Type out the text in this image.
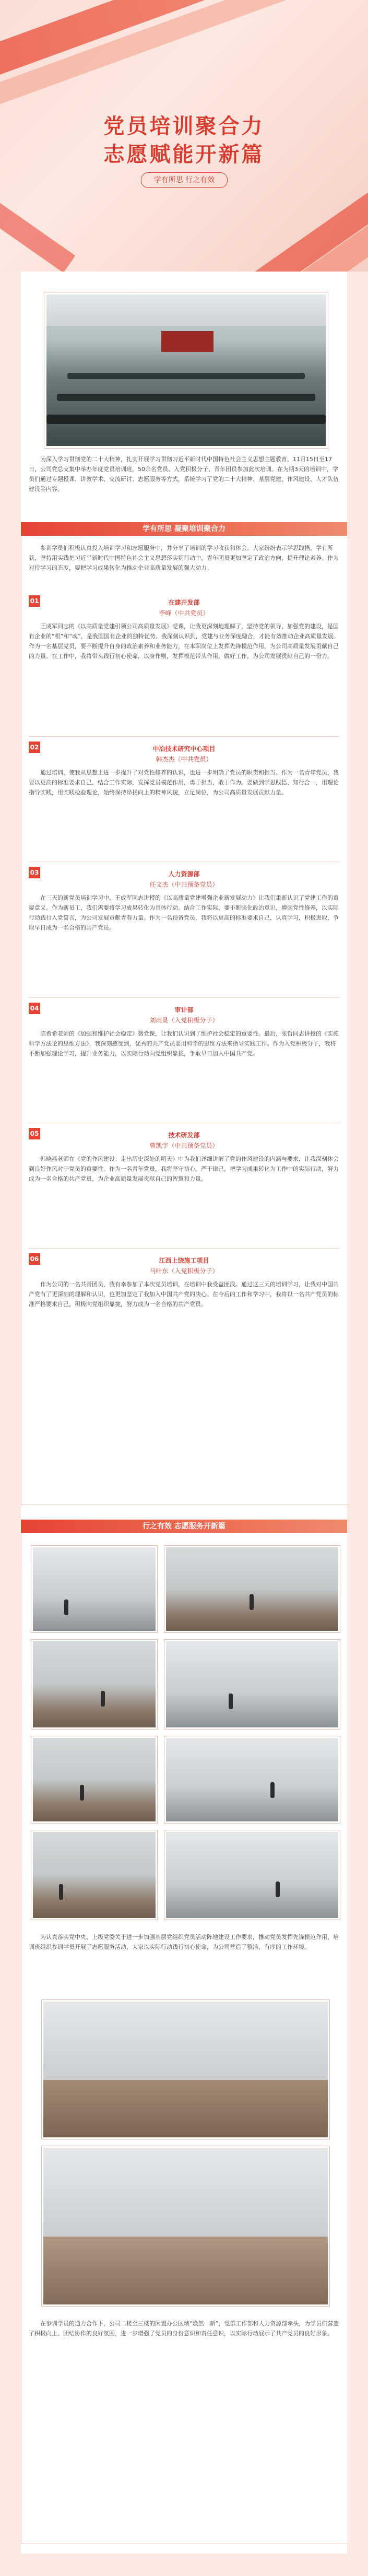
党员培训聚合力
志愿赋能开新篇
学有所思 行之有效
为深入学习贯彻党的二十大精神，扎实开展学习贯彻习近平新时代中国特色社会主义思想主题教育，11月15日至17日，公司党总支集中举办年度党员培训班，50余名党员、入党积极分子、青年团员参加此次培训。在为期3天的培训中，学员们通过专题授课、讲教学术、交流研讨、志愿服务等方式，系统学习了党的二十大精神、基层党建、作风建设、人才队伍建设等内容。
学有所思 凝聚培训聚合力
参训学员们积极认真投入培训学习和志愿服务中，并分享了培训的学习收获和体会。大家纷纷表示学思践悟，学有所获，坚持用实践把习近平新时代中国特色社会主义思想落实到行动中，青年团员更加坚定了政治方向，提升理论素养。作为对待学习的态度，要把学习成果转化为推动企业高质量发展的强大动力。
01	在建开发部
李峰（中共党员）
王成军同志的《以高质量党建引领公司高质量发展》党课，让我更深刻地理解了，坚持党的领导、加强党的建设，是国有企业的“根”和“魂”，是我国国有企业的独特优势。我深刻认识到，党建与业务深度融合，才能有效推动企业高质量发展。作为一名基层党员，要不断提升自身的政治素养和业务能力，在本职岗位上发挥先锋模范作用，为公司高质量发展贡献自己的力量。在工作中，我将带头践行初心使命，以身作则，发挥模范带头作用，做好工作，为公司发展贡献自己的一份力。
02	中冶技术研究中心项目
韩杰杰（中共党员）
通过培训，使我从思想上进一步提升了对党性修养的认识，也进一步明确了党员的职责和担当。作为一名青年党员，我要以更高的标准要求自己，结合工作实际，发挥党员模范作用，勇于担当，敢于作为。要做到学思践悟、知行合一，用理论指导实践，用实践检验理论，始终保持昂扬向上的精神风貌，立足岗位，为公司高质量发展贡献力量。
03	人力资源部
任文杰（中共预备党员）
在三天的新党员培训学习中，王成军同志讲授的《以高质量党建增强企业新发展动力》让我们重新认识了党建工作的重要意义。作为新员工，我们需要将学习成果转化为具体行动。结合工作实际，要不断强化政治意识，增强党性修养，以实际行动践行入党誓言，为公司发展贡献青春力量。作为一名预备党员，我将以更高的标准要求自己，认真学习，积极进取，争取早日成为一名合格的共产党员。
04	审计部
刘雨灵（入党积极分子）
陈希希老师的《加强和维护社会稳定》微党课，让我们认识到了维护社会稳定的重要性。最后，张哲同志讲授的《实施科学方法论的思维方法》，我深刻感受到，优秀的共产党员要用科学的思维方法来指导实践工作。作为入党积极分子，我将不断加强理论学习，提升业务能力，以实际行动向党组织靠拢，争取早日加入中国共产党。
05	技术研发部
曹凯宇（中共预备党员）
韩晓燕老师在《党的作风建设：走出历史深处的明天》中为我们详细讲解了党的作风建设的内涵与要求，让我深刻体会到良好作风对于党员的重要性。作为一名青年党员，我将坚守初心，严于律己，把学习成果转化为工作中的实际行动，努力成为一名合格的共产党员，为企业高质量发展贡献自己的智慧和力量。
06	江西上饶施工项目
马叶东（入党积极分子）
作为公司的一名共青团员，我有幸参加了本次党员培训，在培训中我受益匪浅。通过这三天的培训学习，让我对中国共产党有了更深刻的理解和认识，也更加坚定了我加入中国共产党的决心。在今后的工作和学习中，我将以一名共产党员的标准严格要求自己，积极向党组织靠拢，努力成为一名合格的共产党员。
行之有效 志愿服务开新篇
为认真落实党中央、上级党委关于进一步加强基层党组织党员活动阵地建设工作要求，推动党员发挥先锋模范作用，培训班组织参训学员开展了志愿服务活动，大家以实际行动践行初心使命，为公司营造了整洁、有序的工作环境。
在参训学员的通力合作下，公司二楼至三楼的闲置办公区域“焕然一新”，党群工作部和人力资源部牵头，为学员们营造了积极向上、团结协作的良好氛围，进一步增强了党员的身份意识和责任意识，以实际行动展示了共产党员的良好形象。
